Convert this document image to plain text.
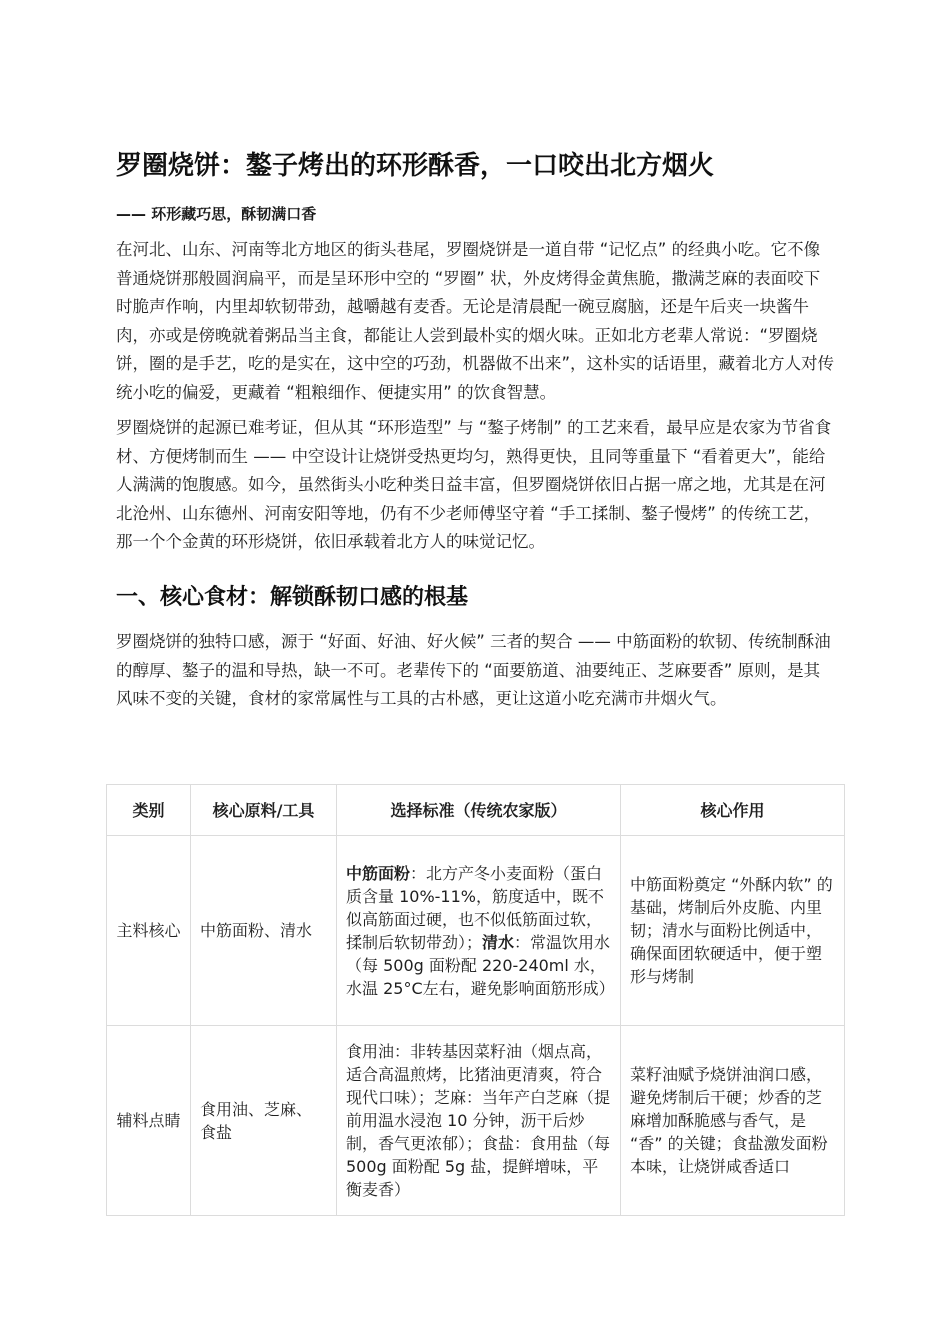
罗圈烧饼：鏊子烤出的环形酥香，一口咬出北方烟火

—— 环形藏巧思，酥韧满口香

在河北、山东、河南等北方地区的街头巷尾，罗圈烧饼是一道自带 “记忆点” 的经典小吃。它不像普通烧饼那般圆润扁平，而是呈环形中空的 “罗圈” 状，外皮烤得金黄焦脆，撒满芝麻的表面咬下时脆声作响，内里却软韧带劲，越嚼越有麦香。无论是清晨配一碗豆腐脑，还是午后夹一块酱牛肉，亦或是傍晚就着粥品当主食，都能让人尝到最朴实的烟火味。正如北方老辈人常说：“罗圈烧饼，圈的是手艺，吃的是实在，这中空的巧劲，机器做不出来”，这朴实的话语里，藏着北方人对传统小吃的偏爱，更藏着 “粗粮细作、便捷实用” 的饮食智慧。

罗圈烧饼的起源已难考证，但从其 “环形造型” 与 “鏊子烤制” 的工艺来看，最早应是农家为节省食材、方便烤制而生 —— 中空设计让烧饼受热更均匀，熟得更快，且同等重量下 “看着更大”，能给人满满的饱腹感。如今，虽然街头小吃种类日益丰富，但罗圈烧饼依旧占据一席之地，尤其是在河北沧州、山东德州、河南安阳等地，仍有不少老师傅坚守着 “手工揉制、鏊子慢烤” 的传统工艺，那一个个金黄的环形烧饼，依旧承载着北方人的味觉记忆。

一、核心食材：解锁酥韧口感的根基

罗圈烧饼的独特口感，源于 “好面、好油、好火候” 三者的契合 —— 中筋面粉的软韧、传统制酥油的醇厚、鏊子的温和导热，缺一不可。老辈传下的 “面要筋道、油要纯正、芝麻要香” 原则，是其风味不变的关键，食材的家常属性与工具的古朴感，更让这道小吃充满市井烟火气。

类别	核心原料/工具	选择标准（传统农家版）	核心作用
主料核心	中筋面粉、清水	中筋面粉：北方产冬小麦面粉（蛋白质含量 10%-11%，筋度适中，既不似高筋面过硬，也不似低筋面过软，揉制后软韧带劲）；清水：常温饮用水（每 500g 面粉配 220-240ml 水，水温 25°C左右，避免影响面筋形成）	中筋面粉奠定 “外酥内软” 的基础，烤制后外皮脆、内里韧；清水与面粉比例适中，确保面团软硬适中，便于塑形与烤制
辅料点睛	食用油、芝麻、食盐	食用油：非转基因菜籽油（烟点高，适合高温煎烤，比猪油更清爽，符合现代口味）；芝麻：当年产白芝麻（提前用温水浸泡 10 分钟，沥干后炒制，香气更浓郁）；食盐：食用盐（每 500g 面粉配 5g 盐，提鲜增味，平衡麦香）	菜籽油赋予烧饼油润口感，避免烤制后干硬；炒香的芝麻增加酥脆感与香气，是 “香” 的关键；食盐激发面粉本味，让烧饼咸香适口
